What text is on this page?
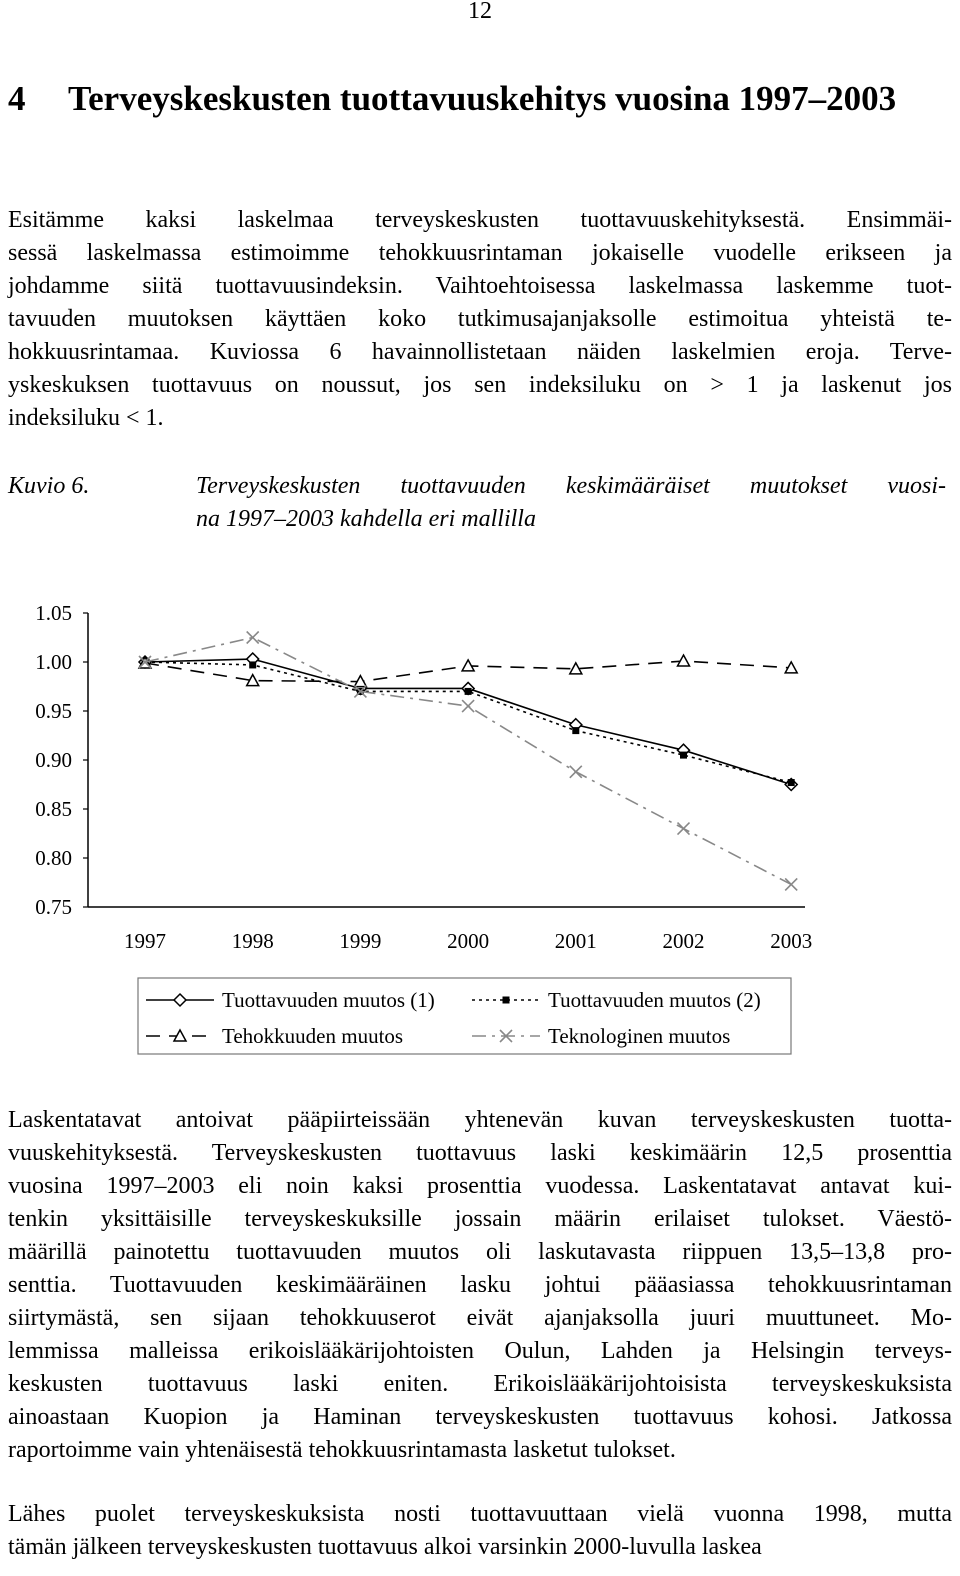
12
4 Terveyskeskusten tuottavuuskehitys vuosina 1997–2003

Esitämme kaksi laskelmaa terveyskeskusten tuottavuuskehityksestä. Ensimmäi-
sessä laskelmassa estimoimme tehokkuusrintaman jokaiselle vuodelle erikseen ja
johdamme siitä tuottavuusindeksin. Vaihtoehtoisessa laskelmassa laskemme tuot-
tavuuden muutoksen käyttäen koko tutkimusajanjaksolle estimoitua yhteistä te-
hokkuusrintamaa. Kuviossa 6 havainnollistetaan näiden laskelmien eroja. Terve-
yskeskuksen tuottavuus on noussut, jos sen indeksiluku on > 1 ja laskenut jos
indeksiluku < 1.

Kuvio 6.	Terveyskeskusten tuottavuuden keskimääräiset muutokset vuosi-
na 1997–2003 kahdella eri mallilla
1.05
1.00
0.95
0.90
0.85
0.80
0.75
1997	1998	1999	2000	2001	2002	2003
Tuottavuuden muutos (1)	Tuottavuuden muutos (2)
Tehokkuuden muutos	Teknologinen muutos

Laskentatavat antoivat pääpiirteissään yhtenevän kuvan terveyskeskusten tuotta-
vuuskehityksestä. Terveyskeskusten tuottavuus laski keskimäärin 12,5 prosenttia
vuosina 1997–2003 eli noin kaksi prosenttia vuodessa. Laskentatavat antavat kui-
tenkin yksittäisille terveyskeskuksille jossain määrin erilaiset tulokset. Väestö-
määrillä painotettu tuottavuuden muutos oli laskutavasta riippuen 13,5–13,8 pro-
senttia. Tuottavuuden keskimääräinen lasku johtui pääasiassa tehokkuusrintaman
siirtymästä, sen sijaan tehokkuuserot eivät ajanjaksolla juuri muuttuneet. Mo-
lemmissa malleissa erikoislääkärijohtoisten Oulun, Lahden ja Helsingin terveys-
keskusten tuottavuus laski eniten. Erikoislääkärijohtoisista terveyskeskuksista
ainoastaan Kuopion ja Haminan terveyskeskusten tuottavuus kohosi. Jatkossa
raportoimme vain yhtenäisestä tehokkuusrintamasta lasketut tulokset.

Lähes puolet terveyskeskuksista nosti tuottavuuttaan vielä vuonna 1998, mutta
tämän jälkeen terveyskeskusten tuottavuus alkoi varsinkin 2000-luvulla laskea
